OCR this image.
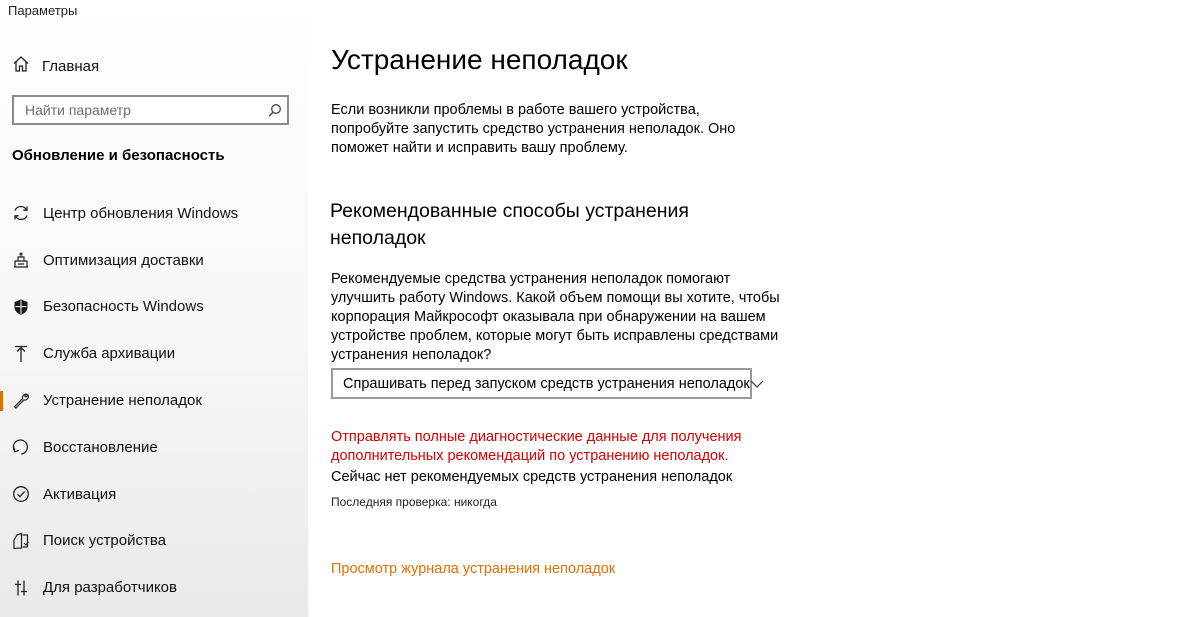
Параметры
Главная
Найти параметр
Обновление и безопасность
Центр обновления Windows
Оптимизация доставки
Безопасность Windows
Служба архивации
Устранение неполадок
Восстановление
Активация
Поиск устройства
Для разработчиков
Устранение неполадок
Если возникли проблемы в работе вашего устройства, попробуйте запустить средство устранения неполадок. Оно поможет найти и исправить вашу проблему.
Рекомендованные способы устранения неполадок
Рекомендуемые средства устранения неполадок помогают улучшить работу Windows. Какой объем помощи вы хотите, чтобы корпорация Майкрософт оказывала при обнаружении на вашем устройстве проблем, которые могут быть исправлены средствами устранения неполадок?
Спрашивать перед запуском средств устранения неполадок
Отправлять полные диагностические данные для получения дополнительных рекомендаций по устранению неполадок.
Сейчас нет рекомендуемых средств устранения неполадок
Последняя проверка: никогда
Просмотр журнала устранения неполадок
